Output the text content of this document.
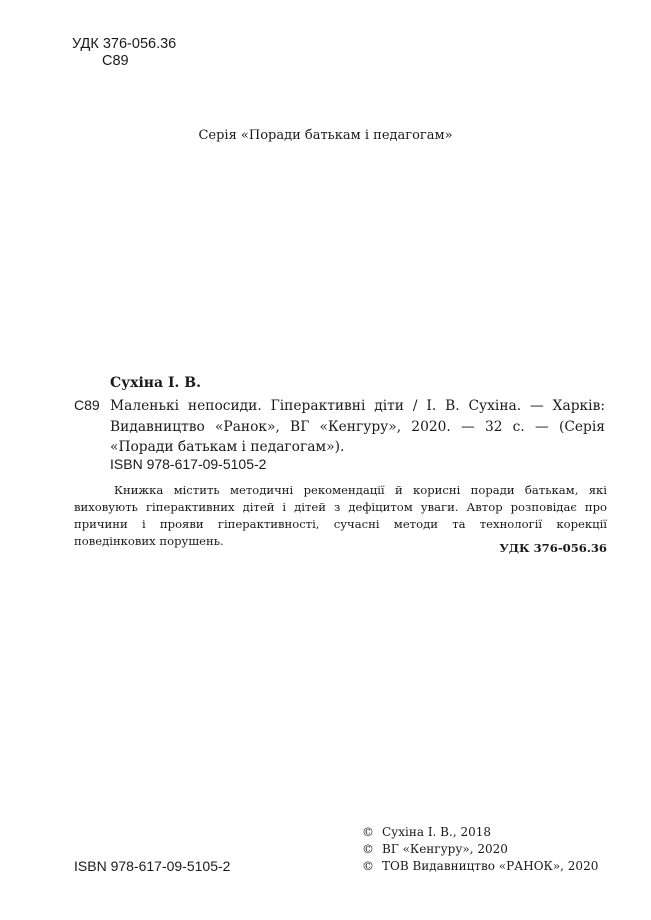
УДК 376-056.36
С89
Серія «Поради батькам і педагогам»
Сухіна І. В.
С89 Маленькі непосиди. Гіперактивні діти / І. В. Сухіна. — Харків: Видавництво «Ранок», ВГ «Кенгуру», 2020. — 32 с. — (Серія «Поради батькам і педагогам»).
ISBN 978-617-09-5105-2
Книжка містить методичні рекомендації й корисні поради батькам, які виховують гіперактивних дітей і дітей з дефіцитом уваги. Автор розповідає про причини і прояви гіперактивності, сучасні методи та технології корекції поведінкових порушень.	УДК 376-056.36
ISBN 978-617-09-5105-2
© Сухіна І. В., 2018
© ВГ «Кенгуру», 2020
© ТОВ Видавництво «РАНОК», 2020
